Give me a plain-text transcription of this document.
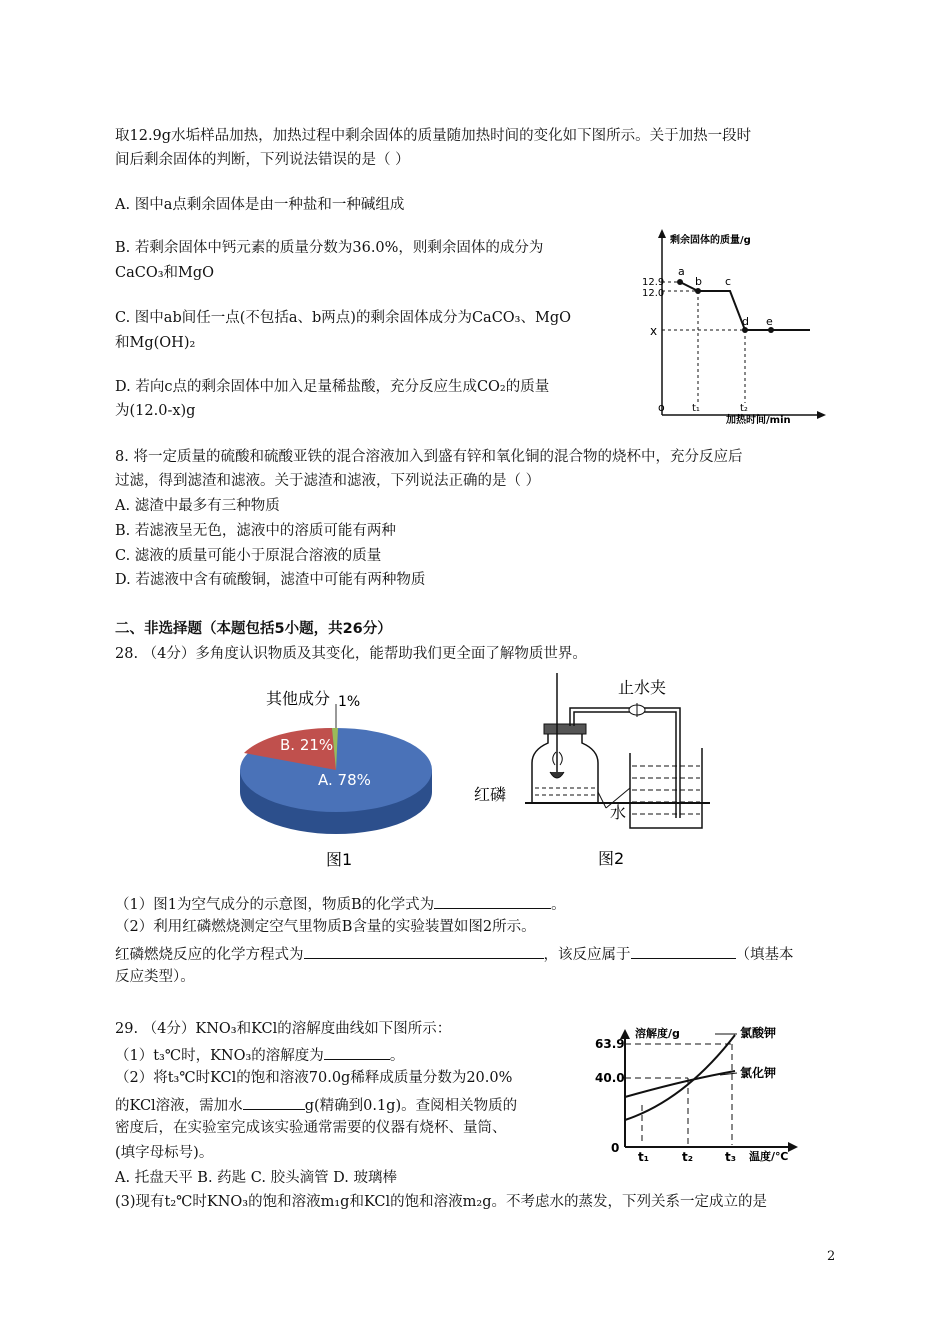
取12.9g水垢样品加热，加热过程中剩余固体的质量随加热时间的变化如下图所示。关于加热一段时
间后剩余固体的判断，下列说法错误的是（ ）
A. 图中a点剩余固体是由一种盐和一种碱组成
B. 若剩余固体中钙元素的质量分数为36.0%，则剩余固体的成分为
CaCO₃和MgO
C. 图中ab间任一点(不包括a、b两点)的剩余固体成分为CaCO₃、MgO
和Mg(OH)₂
D. 若向c点的剩余固体中加入足量稀盐酸，充分反应生成CO₂的质量
为(12.0-x)g
剩余固体的质量/g
加热时间/min
12.9
12.0
x
o	t₁	t₂
a
b c
d e
8. 将一定质量的硫酸和硫酸亚铁的混合溶液加入到盛有锌和氧化铜的混合物的烧杯中，充分反应后
过滤，得到滤渣和滤液。关于滤渣和滤液，下列说法正确的是（ ）
A. 滤渣中最多有三种物质
B. 若滤液呈无色，滤液中的溶质可能有两种
C. 滤液的质量可能小于原混合溶液的质量
D. 若滤液中含有硫酸铜，滤渣中可能有两种物质
二、非选择题（本题包括5小题，共26分）
28. （4分）多角度认识物质及其变化，能帮助我们更全面了解物质世界。
其他成分 1%
B. 21%
A. 78%
图1
止水夹
红磷
水
图2
（1）图1为空气成分的示意图，物质B的化学式为	。
（2）利用红磷燃烧测定空气里物质B含量的实验装置如图2所示。
红磷燃烧反应的化学方程式为	，该反应属于	（填基本
反应类型）。
29. （4分）KNO₃和KCl的溶解度曲线如下图所示：
（1）t₃℃时，KNO₃的溶解度为	。
（2）将t₃℃时KCl的饱和溶液70.0g稀释成质量分数为20.0%
的KCl溶液，需加水	g(精确到0.1g)。查阅相关物质的
密度后，在实验室完成该实验通常需要的仪器有烧杯、量筒、
(填字母标号)。
A. 托盘天平 B. 药匙 C. 胶头滴管 D. 玻璃棒
(3)现有t₂℃时KNO₃的饱和溶液m₁g和KCl的饱和溶液m₂g。不考虑水的蒸发，下列关系一定成立的是
溶解度/g
温度/℃
63.9
40.0
0
t₁	t₂	t₃
氯酸钾
氯化钾
2
